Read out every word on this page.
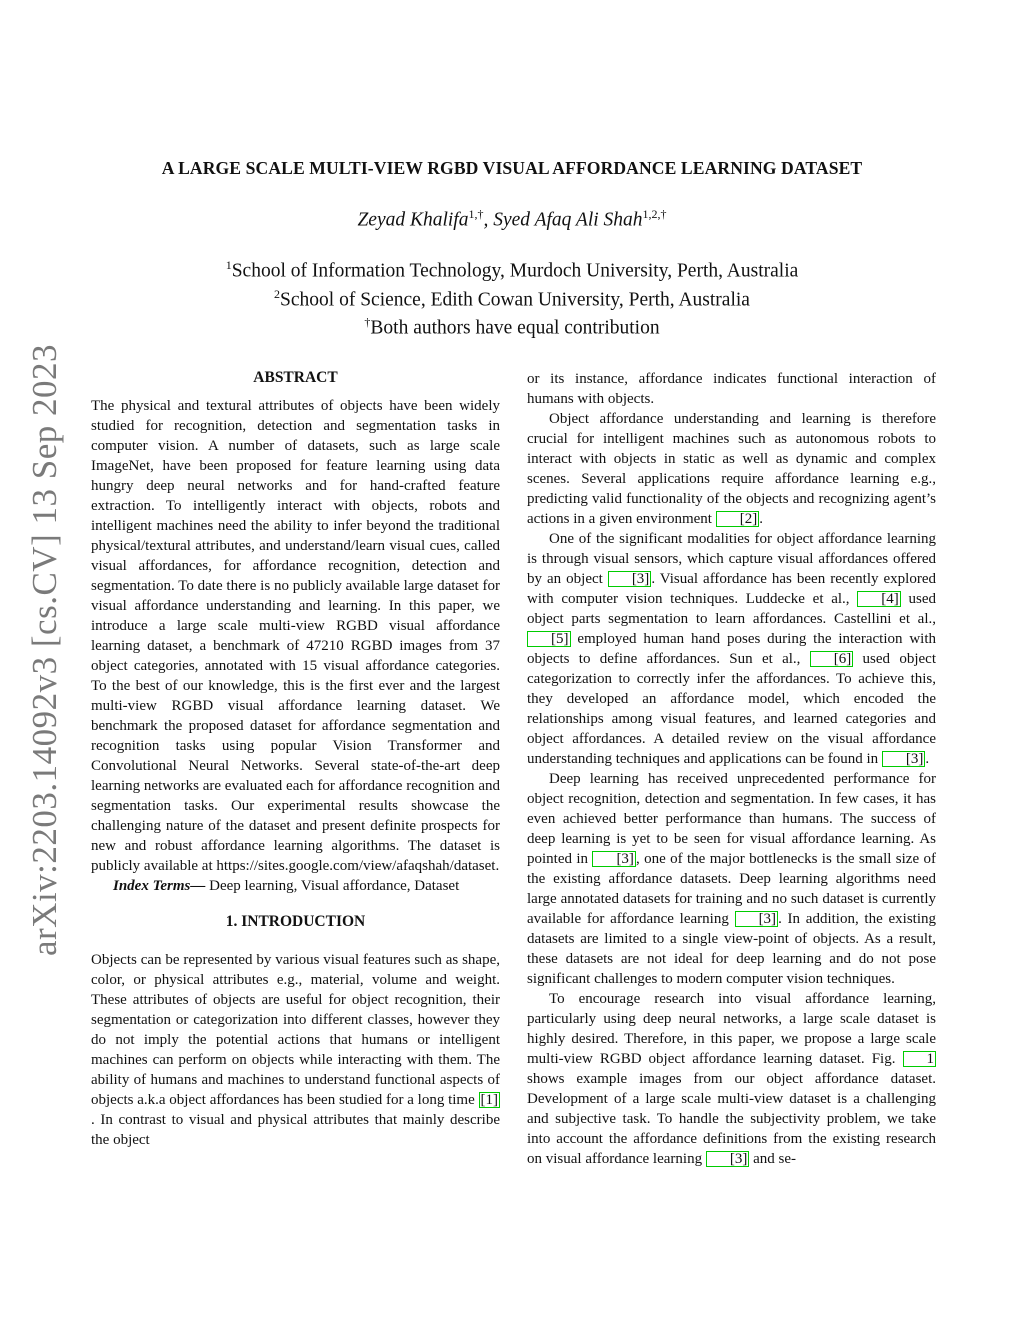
arXiv:2203.14092v3 [cs.CV] 13 Sep 2023
A LARGE SCALE MULTI-VIEW RGBD VISUAL AFFORDANCE LEARNING DATASET
Zeyad Khalifa$^{1,\dagger}$, Syed Afaq Ali Shah$^{1,2,\dagger}$
$^1$School of Information Technology, Murdoch University, Perth, Australia
$^2$School of Science, Edith Cowan University, Perth, Australia
†Both authors have equal contribution
ABSTRACT

The physical and textural attributes of objects have been widely studied for recognition, detection and segmentation tasks in computer vision. A number of datasets, such as large scale ImageNet, have been proposed for feature learning using data hungry deep neural networks and for hand-crafted feature extraction. To intelligently interact with objects, robots and intelligent machines need the ability to infer beyond the traditional physical/textural attributes, and understand/learn visual cues, called visual affordances, for affordance recognition, detection and segmentation. To date there is no publicly available large dataset for visual affordance understanding and learning. In this paper, we introduce a large scale multi-view RGBD visual affordance learning dataset, a benchmark of 47210 RGBD images from 37 object categories, annotated with 15 visual affordance categories. To the best of our knowledge, this is the first ever and the largest multi-view RGBD visual affordance learning dataset. We benchmark the proposed dataset for affordance segmentation and recognition tasks using popular Vision Transformer and Convolutional Neural Networks. Several state-of-the-art deep learning networks are evaluated each for affordance recognition and segmentation tasks. Our experimental results showcase the challenging nature of the dataset and present definite prospects for new and robust affordance learning algorithms. The dataset is publicly available at https://sites.google.com/view/afaqshah/dataset.

Index Terms— Deep learning, Visual affordance, Dataset

1. INTRODUCTION

Objects can be represented by various visual features such as shape, color, or physical attributes e.g., material, volume and weight. These attributes of objects are useful for object recognition, their segmentation or categorization into different classes, however they do not imply the potential actions that humans or intelligent machines can perform on objects while interacting with them. The ability of humans and machines to understand functional aspects of objects a.k.a object affordances has been studied for a long time [1]. In contrast to visual and physical attributes that mainly describe the object

or its instance, affordance indicates functional interaction of humans with objects.

Object affordance understanding and learning is therefore crucial for intelligent machines such as autonomous robots to interact with objects in static as well as dynamic and complex scenes. Several applications require affordance learning e.g., predicting valid functionality of the objects and recognizing agent’s actions in a given environment [2] .

One of the significant modalities for object affordance learning is through visual sensors, which capture visual affordances offered by an object [3] . Visual affordance has been recently explored with computer vision techniques. Luddecke et al., [4] used object parts segmentation to learn affordances. Castellini et al., [5] employed human hand poses during the interaction with objects to define affordances. Sun et al., [6] used object categorization to correctly infer the affordances. To achieve this, they developed an affordance model, which encoded the relationships among visual features, and learned categories and object affordances. A detailed review on the visual affordance understanding techniques and applications can be found in [3] .

Deep learning has received unprecedented performance for object recognition, detection and segmentation. In few cases, it has even achieved better performance than humans. The success of deep learning is yet to be seen for visual affordance learning. As pointed in [3] , one of the major bottlenecks is the small size of the existing affordance datasets. Deep learning algorithms need large annotated datasets for training and no such dataset is currently available for affordance learning [3] . In addition, the existing datasets are limited to a single view-point of objects. As a result, these datasets are not ideal for deep learning and do not pose significant challenges to modern computer vision techniques.

To encourage research into visual affordance learning, particularly using deep neural networks, a large scale dataset is highly desired. Therefore, in this paper, we propose a large scale multi-view RGBD object affordance learning dataset. Fig. 1 shows example images from our object affordance dataset. Development of a large scale multi-view dataset is a challenging and subjective task. To handle the subjectivity problem, we take into account the affordance definitions from the existing research on visual affordance learning [3] and se-
